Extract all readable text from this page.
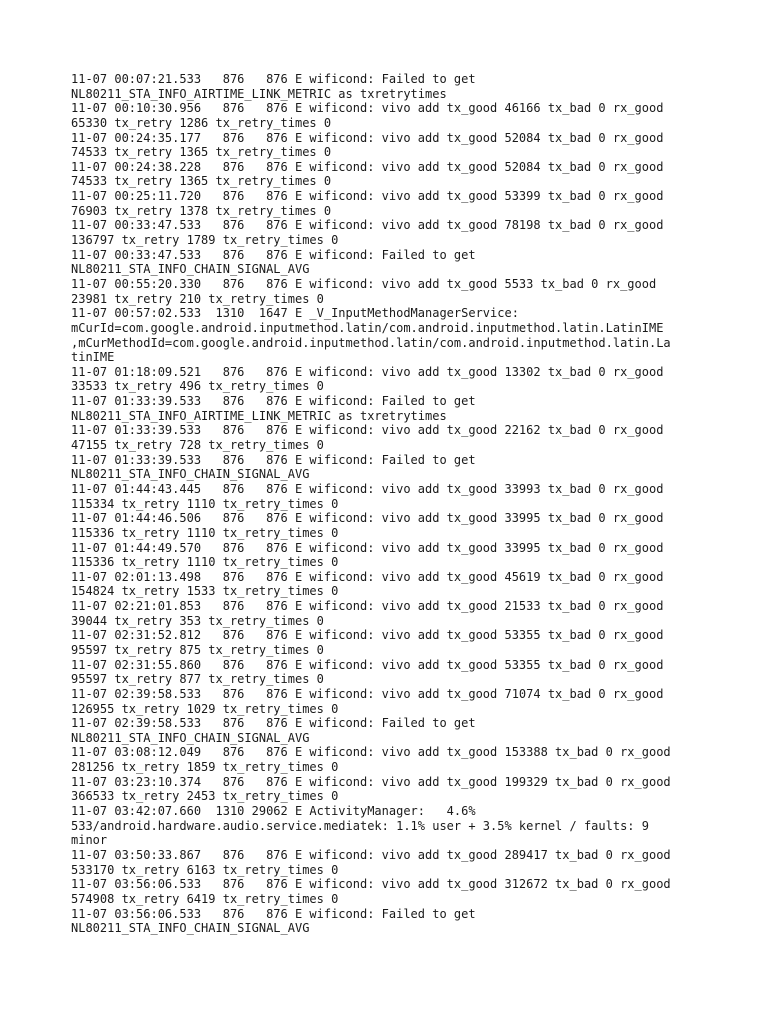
11-07 00:07:21.533   876   876 E wificond: Failed to get
NL80211_STA_INFO_AIRTIME_LINK_METRIC as txretrytimes
11-07 00:10:30.956   876   876 E wificond: vivo add tx_good 46166 tx_bad 0 rx_good
65330 tx_retry 1286 tx_retry_times 0
11-07 00:24:35.177   876   876 E wificond: vivo add tx_good 52084 tx_bad 0 rx_good
74533 tx_retry 1365 tx_retry_times 0
11-07 00:24:38.228   876   876 E wificond: vivo add tx_good 52084 tx_bad 0 rx_good
74533 tx_retry 1365 tx_retry_times 0
11-07 00:25:11.720   876   876 E wificond: vivo add tx_good 53399 tx_bad 0 rx_good
76903 tx_retry 1378 tx_retry_times 0
11-07 00:33:47.533   876   876 E wificond: vivo add tx_good 78198 tx_bad 0 rx_good
136797 tx_retry 1789 tx_retry_times 0
11-07 00:33:47.533   876   876 E wificond: Failed to get
NL80211_STA_INFO_CHAIN_SIGNAL_AVG
11-07 00:55:20.330   876   876 E wificond: vivo add tx_good 5533 tx_bad 0 rx_good
23981 tx_retry 210 tx_retry_times 0
11-07 00:57:02.533  1310  1647 E _V_InputMethodManagerService:
mCurId=com.google.android.inputmethod.latin/com.android.inputmethod.latin.LatinIME
,mCurMethodId=com.google.android.inputmethod.latin/com.android.inputmethod.latin.La
tinIME
11-07 01:18:09.521   876   876 E wificond: vivo add tx_good 13302 tx_bad 0 rx_good
33533 tx_retry 496 tx_retry_times 0
11-07 01:33:39.533   876   876 E wificond: Failed to get
NL80211_STA_INFO_AIRTIME_LINK_METRIC as txretrytimes
11-07 01:33:39.533   876   876 E wificond: vivo add tx_good 22162 tx_bad 0 rx_good
47155 tx_retry 728 tx_retry_times 0
11-07 01:33:39.533   876   876 E wificond: Failed to get
NL80211_STA_INFO_CHAIN_SIGNAL_AVG
11-07 01:44:43.445   876   876 E wificond: vivo add tx_good 33993 tx_bad 0 rx_good
115334 tx_retry 1110 tx_retry_times 0
11-07 01:44:46.506   876   876 E wificond: vivo add tx_good 33995 tx_bad 0 rx_good
115336 tx_retry 1110 tx_retry_times 0
11-07 01:44:49.570   876   876 E wificond: vivo add tx_good 33995 tx_bad 0 rx_good
115336 tx_retry 1110 tx_retry_times 0
11-07 02:01:13.498   876   876 E wificond: vivo add tx_good 45619 tx_bad 0 rx_good
154824 tx_retry 1533 tx_retry_times 0
11-07 02:21:01.853   876   876 E wificond: vivo add tx_good 21533 tx_bad 0 rx_good
39044 tx_retry 353 tx_retry_times 0
11-07 02:31:52.812   876   876 E wificond: vivo add tx_good 53355 tx_bad 0 rx_good
95597 tx_retry 875 tx_retry_times 0
11-07 02:31:55.860   876   876 E wificond: vivo add tx_good 53355 tx_bad 0 rx_good
95597 tx_retry 877 tx_retry_times 0
11-07 02:39:58.533   876   876 E wificond: vivo add tx_good 71074 tx_bad 0 rx_good
126955 tx_retry 1029 tx_retry_times 0
11-07 02:39:58.533   876   876 E wificond: Failed to get
NL80211_STA_INFO_CHAIN_SIGNAL_AVG
11-07 03:08:12.049   876   876 E wificond: vivo add tx_good 153388 tx_bad 0 rx_good
281256 tx_retry 1859 tx_retry_times 0
11-07 03:23:10.374   876   876 E wificond: vivo add tx_good 199329 tx_bad 0 rx_good
366533 tx_retry 2453 tx_retry_times 0
11-07 03:42:07.660  1310 29062 E ActivityManager:   4.6%
533/android.hardware.audio.service.mediatek: 1.1% user + 3.5% kernel / faults: 9
minor
11-07 03:50:33.867   876   876 E wificond: vivo add tx_good 289417 tx_bad 0 rx_good
533170 tx_retry 6163 tx_retry_times 0
11-07 03:56:06.533   876   876 E wificond: vivo add tx_good 312672 tx_bad 0 rx_good
574908 tx_retry 6419 tx_retry_times 0
11-07 03:56:06.533   876   876 E wificond: Failed to get
NL80211_STA_INFO_CHAIN_SIGNAL_AVG
